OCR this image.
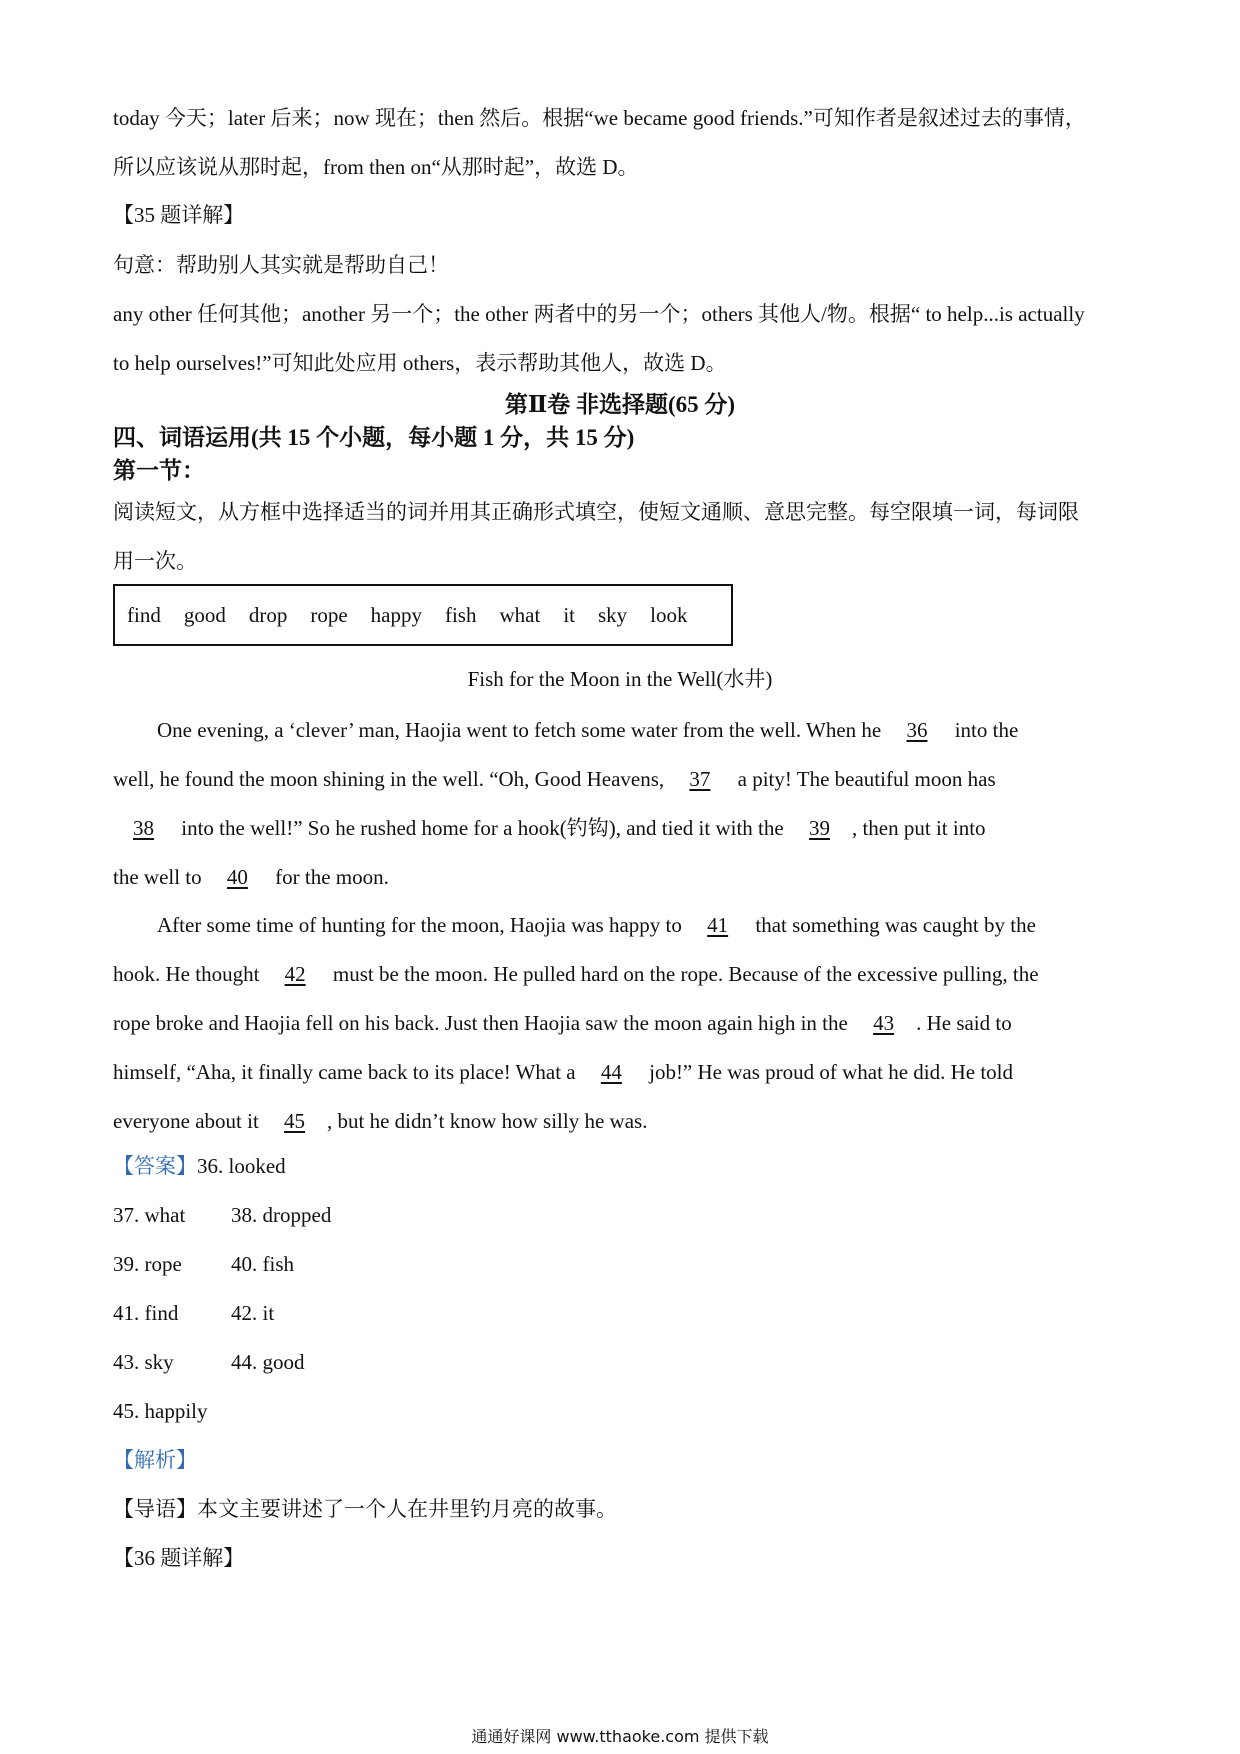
today 今天；later 后来；now 现在；then 然后。根据“we became good friends.”可知作者是叙述过去的事情，
所以应该说从那时起，from then on“从那时起”，故选 D。
【35 题详解】
句意：帮助别人其实就是帮助自己！
any other 任何其他；another 另一个；the other 两者中的另一个；others 其他人/物。根据“ to help...is actually
to help ourselves!”可知此处应用 others，表示帮助其他人，故选 D。
第Ⅱ卷 非选择题(65 分)
四、词语运用(共 15 个小题，每小题 1 分，共 15 分)
第一节：
阅读短文，从方框中选择适当的词并用其正确形式填空，使短文通顺、意思完整。每空限填一词，每词限
用一次。
find good drop rope happy fish what it sky look
Fish for the Moon in the Well(水井)
One evening, a ‘clever’ man, Haojia went to fetch some water from the well. When he 36 into the
well, he found the moon shining in the well. “Oh, Good Heavens, 37 a pity! The beautiful moon has
38 into the well!” So he rushed home for a hook(钓钩), and tied it with the 39 , then put it into
the well to 40 for the moon.
After some time of hunting for the moon, Haojia was happy to 41 that something was caught by the
hook. He thought 42 must be the moon. He pulled hard on the rope. Because of the excessive pulling, the
rope broke and Haojia fell on his back. Just then Haojia saw the moon again high in the 43 . He said to
himself, “Aha, it finally came back to its place! What a 44 job!” He was proud of what he did. He told
everyone about it 45 , but he didn’t know how silly he was.
【答案】36. looked
37. what 38. dropped
39. rope 40. fish
41. find	42. it
43. sky	44. good
45. happily
【解析】
【导语】本文主要讲述了一个人在井里钓月亮的故事。
【36 题详解】
通通好课网 www.tthaoke.com 提供下载
